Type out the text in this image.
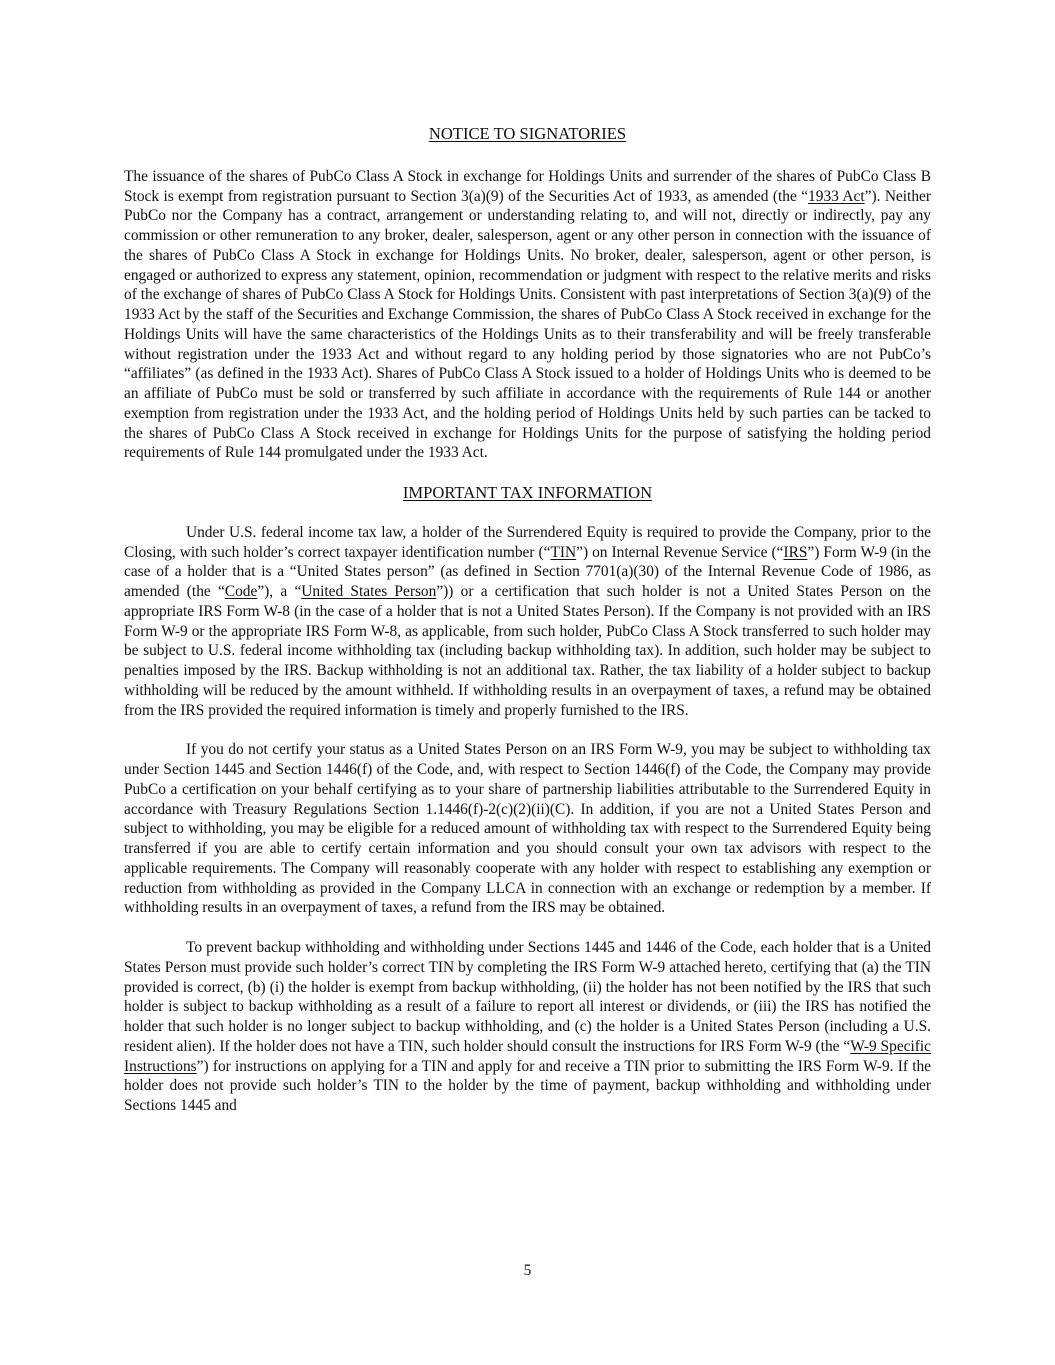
NOTICE TO SIGNATORIES

The issuance of the shares of PubCo Class A Stock in exchange for Holdings Units and surrender of the shares of PubCo Class B Stock is exempt from registration pursuant to Section 3(a)(9) of the Securities Act of 1933, as amended (the “1933 Act”). Neither PubCo nor the Company has a contract, arrangement or understanding relating to, and will not, directly or indirectly, pay any commission or other remuneration to any broker, dealer, salesperson, agent or any other person in connection with the issuance of the shares of PubCo Class A Stock in exchange for Holdings Units. No broker, dealer, salesperson, agent or other person, is engaged or authorized to express any statement, opinion, recommendation or judgment with respect to the relative merits and risks of the exchange of shares of PubCo Class A Stock for Holdings Units. Consistent with past interpretations of Section 3(a)(9) of the 1933 Act by the staff of the Securities and Exchange Commission, the shares of PubCo Class A Stock received in exchange for the Holdings Units will have the same characteristics of the Holdings Units as to their transferability and will be freely transferable without registration under the 1933 Act and without regard to any holding period by those signatories who are not PubCo’s “affiliates” (as defined in the 1933 Act). Shares of PubCo Class A Stock issued to a holder of Holdings Units who is deemed to be an affiliate of PubCo must be sold or transferred by such affiliate in accordance with the requirements of Rule 144 or another exemption from registration under the 1933 Act, and the holding period of Holdings Units held by such parties can be tacked to the shares of PubCo Class A Stock received in exchange for Holdings Units for the purpose of satisfying the holding period requirements of Rule 144 promulgated under the 1933 Act.

IMPORTANT TAX INFORMATION

Under U.S. federal income tax law, a holder of the Surrendered Equity is required to provide the Company, prior to the Closing, with such holder’s correct taxpayer identification number (“TIN”) on Internal Revenue Service (“IRS”) Form W-9 (in the case of a holder that is a “United States person” (as defined in Section 7701(a)(30) of the Internal Revenue Code of 1986, as amended (the “Code”), a “United States Person”)) or a certification that such holder is not a United States Person on the appropriate IRS Form W-8 (in the case of a holder that is not a United States Person). If the Company is not provided with an IRS Form W-9 or the appropriate IRS Form W-8, as applicable, from such holder, PubCo Class A Stock transferred to such holder may be subject to U.S. federal income withholding tax (including backup withholding tax). In addition, such holder may be subject to penalties imposed by the IRS. Backup withholding is not an additional tax. Rather, the tax liability of a holder subject to backup withholding will be reduced by the amount withheld. If withholding results in an overpayment of taxes, a refund may be obtained from the IRS provided the required information is timely and properly furnished to the IRS.

If you do not certify your status as a United States Person on an IRS Form W-9, you may be subject to withholding tax under Section 1445 and Section 1446(f) of the Code, and, with respect to Section 1446(f) of the Code, the Company may provide PubCo a certification on your behalf certifying as to your share of partnership liabilities attributable to the Surrendered Equity in accordance with Treasury Regulations Section 1.1446(f)-2(c)(2)(ii)(C). In addition, if you are not a United States Person and subject to withholding, you may be eligible for a reduced amount of withholding tax with respect to the Surrendered Equity being transferred if you are able to certify certain information and you should consult your own tax advisors with respect to the applicable requirements. The Company will reasonably cooperate with any holder with respect to establishing any exemption or reduction from withholding as provided in the Company LLCA in connection with an exchange or redemption by a member. If withholding results in an overpayment of taxes, a refund from the IRS may be obtained.

To prevent backup withholding and withholding under Sections 1445 and 1446 of the Code, each holder that is a United States Person must provide such holder’s correct TIN by completing the IRS Form W-9 attached hereto, certifying that (a) the TIN provided is correct, (b) (i) the holder is exempt from backup withholding, (ii) the holder has not been notified by the IRS that such holder is subject to backup withholding as a result of a failure to report all interest or dividends, or (iii) the IRS has notified the holder that such holder is no longer subject to backup withholding, and (c) the holder is a United States Person (including a U.S. resident alien). If the holder does not have a TIN, such holder should consult the instructions for IRS Form W-9 (the “W-9 Specific Instructions”) for instructions on applying for a TIN and apply for and receive a TIN prior to submitting the IRS Form W-9. If the holder does not provide such holder’s TIN to the holder by the time of payment, backup withholding and withholding under Sections 1445 and

5
